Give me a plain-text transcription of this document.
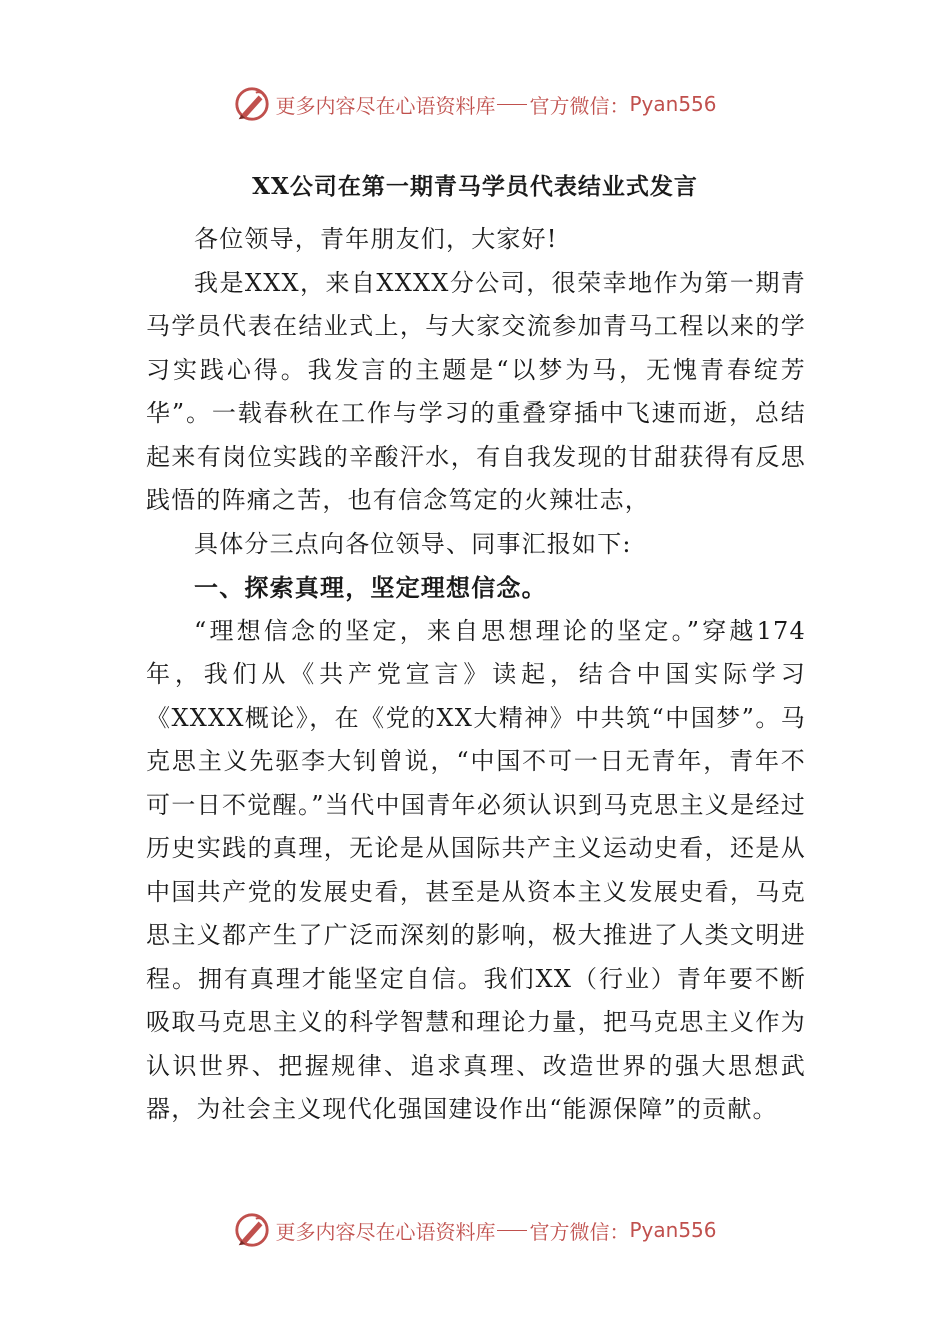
更多内容尽在心语资料库 官方微信： Pyan556
XX公司在第一期青马学员代表结业式发言

各位领导，青年朋友们，大家好!

我是XXX，来自XXXX分公司，很荣幸地作为第一期青马学员代表在结业式上，与大家交流参加青马工程以来的学习实践心得。我发言的主题是“以梦为马，无愧青春绽芳华”。一载春秋在工作与学习的重叠穿插中飞速而逝，总结起来有岗位实践的辛酸汗水，有自我发现的甘甜获得有反思践悟的阵痛之苦，也有信念笃定的火辣壮志，

具体分三点向各位领导、同事汇报如下:

一、探索真理，坚定理想信念。

“理想信念的坚定，来自思想理论的坚定。”穿越174年，我们从《共产党宣言》读起，结合中国实际学习《XXXX概论》，在《党的XX大精神》中共筑“中国梦”。马克思主义先驱李大钊曾说，“中国不可一日无青年，青年不可一日不觉醒。”当代中国青年必须认识到马克思主义是经过历史实践的真理，无论是从国际共产主义运动史看，还是从中国共产党的发展史看，甚至是从资本主义发展史看，马克思主义都产生了广泛而深刻的影响，极大推进了人类文明进程。拥有真理才能坚定自信。我们XX（行业）青年要不断吸取马克思主义的科学智慧和理论力量，把马克思主义作为认识世界、把握规律、追求真理、改造世界的强大思想武器，为社会主义现代化强国建设作出“能源保障”的贡献。

更多内容尽在心语资料库 官方微信： Pyan556
